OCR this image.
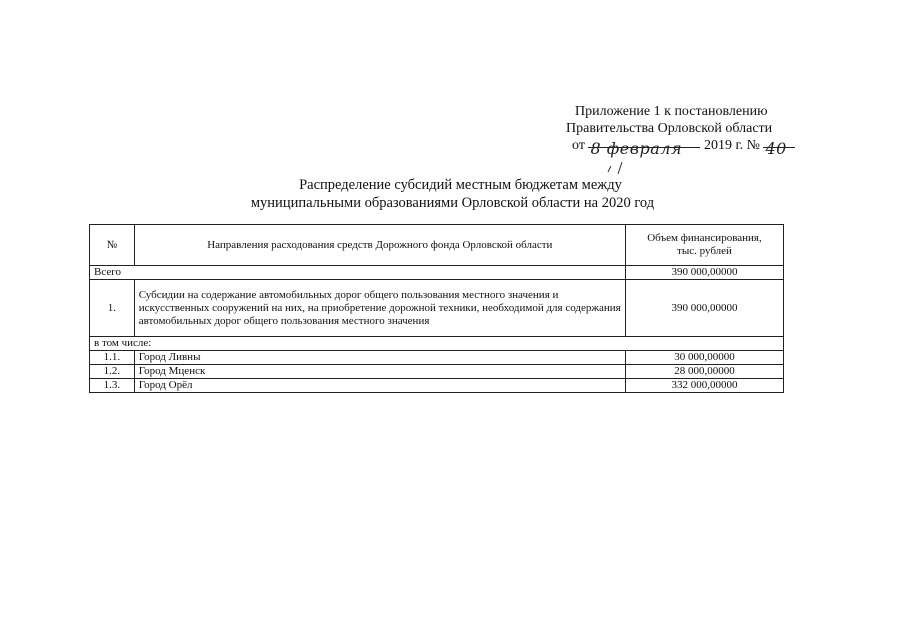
Приложение 1 к постановлению
Правительства Орловской области
от 8 февраля 2019 г. № 40
Распределение субсидий местным бюджетам между
муниципальными образованиями Орловской области на 2020 год
№	Направления расходования средств Дорожного фонда Орловской области	Объем финансирования,
тыс. рублей

Всего		390 000,00000
1.	Субсидии на содержание автомобильных дорог общего пользования местного значения и искусственных сооружений на них, на приобретение дорожной техники, необходимой для содержания автомобильных дорог общего пользования местного значения	390 000,00000
в том числе:		
1.1.	Город Ливны	30 000,00000
1.2.	Город Мценск	28 000,00000
1.3.	Город Орёл	332 000,00000
